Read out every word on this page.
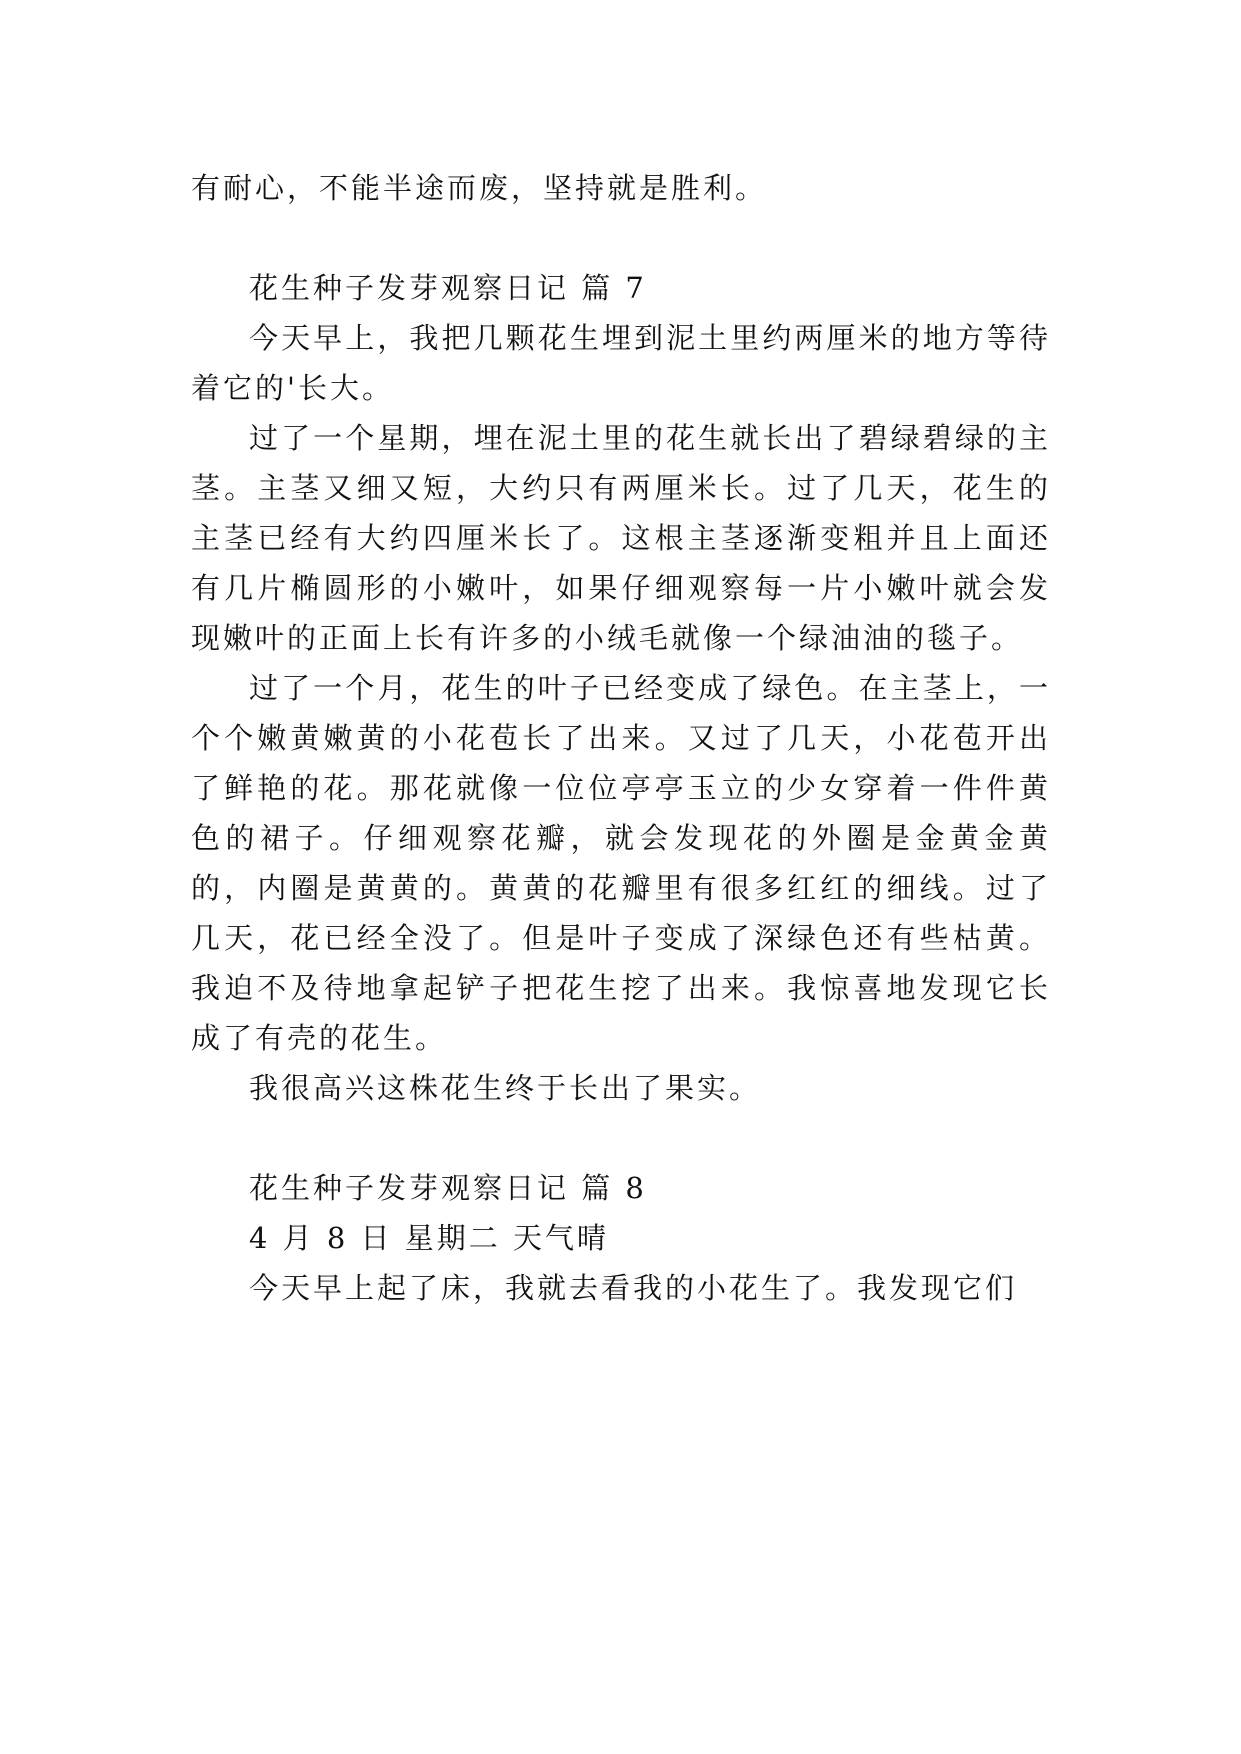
有耐心，不能半途而废，坚持就是胜利。

花生种子发芽观察日记 篇 7

今天早上，我把几颗花生埋到泥土里约两厘米的地方等待着它的'长大。

过了一个星期，埋在泥土里的花生就长出了碧绿碧绿的主茎。主茎又细又短，大约只有两厘米长。过了几天，花生的主茎已经有大约四厘米长了。这根主茎逐渐变粗并且上面还有几片椭圆形的小嫩叶，如果仔细观察每一片小嫩叶就会发现嫩叶的正面上长有许多的小绒毛就像一个绿油油的毯子。

过了一个月，花生的叶子已经变成了绿色。在主茎上，一个个嫩黄嫩黄的小花苞长了出来。又过了几天，小花苞开出了鲜艳的花。那花就像一位位亭亭玉立的少女穿着一件件黄色的裙子。仔细观察花瓣，就会发现花的外圈是金黄金黄的，内圈是黄黄的。黄黄的花瓣里有很多红红的细线。过了几天，花已经全没了。但是叶子变成了深绿色还有些枯黄。我迫不及待地拿起铲子把花生挖了出来。我惊喜地发现它长成了有壳的花生。

我很高兴这株花生终于长出了果实。

花生种子发芽观察日记 篇 8

4 月 8 日 星期二 天气晴

今天早上起了床，我就去看我的小花生了。我发现它们
